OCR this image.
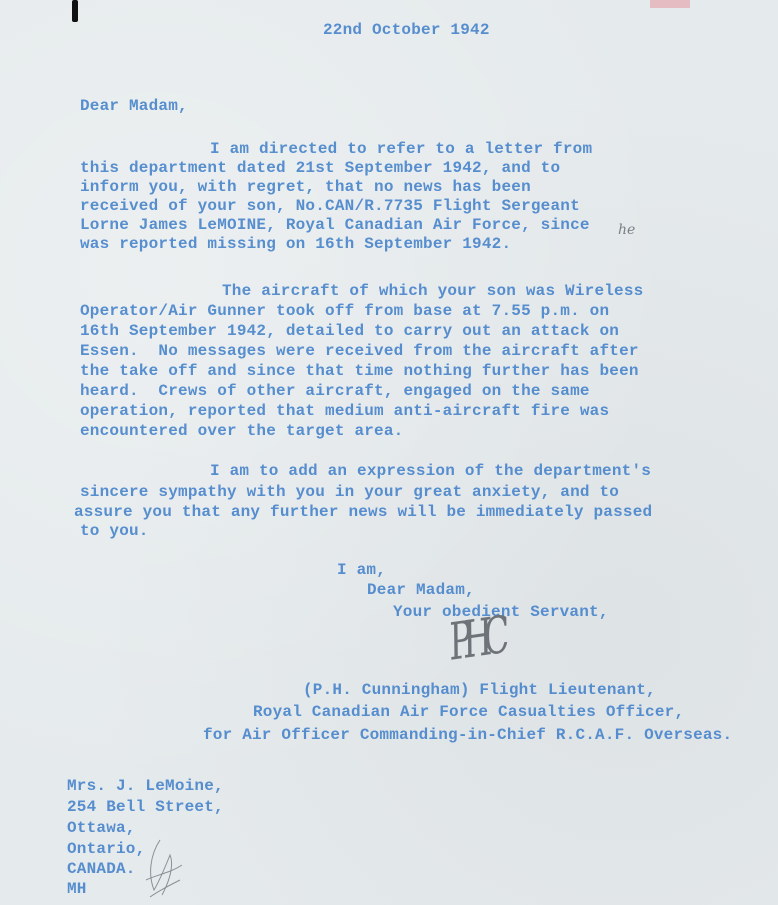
22nd October 1942
Dear Madam,
I am directed to refer to a letter from
this department dated 21st September 1942, and to
inform you, with regret, that no news has been
received of your son, No.CAN/R.7735 Flight Sergeant
Lorne James LeMOINE, Royal Canadian Air Force, since
was reported missing on 16th September 1942.
he
The aircraft of which your son was Wireless
Operator/Air Gunner took off from base at 7.55 p.m. on
16th September 1942, detailed to carry out an attack on
Essen.  No messages were received from the aircraft after
the take off and since that time nothing further has been
heard.  Crews of other aircraft, engaged on the same
operation, reported that medium anti-aircraft fire was
encountered over the target area.
I am to add an expression of the department's
sincere sympathy with you in your great anxiety, and to
assure you that any further news will be immediately passed
to you.
I am,
Dear Madam,
Your obedient Servant,
PHC
(P.H. Cunningham) Flight Lieutenant,
Royal Canadian Air Force Casualties Officer,
for Air Officer Commanding-in-Chief R.C.A.F. Overseas.
Mrs. J. LeMoine,
254 Bell Street,
Ottawa,
Ontario,
CANADA.
MH
